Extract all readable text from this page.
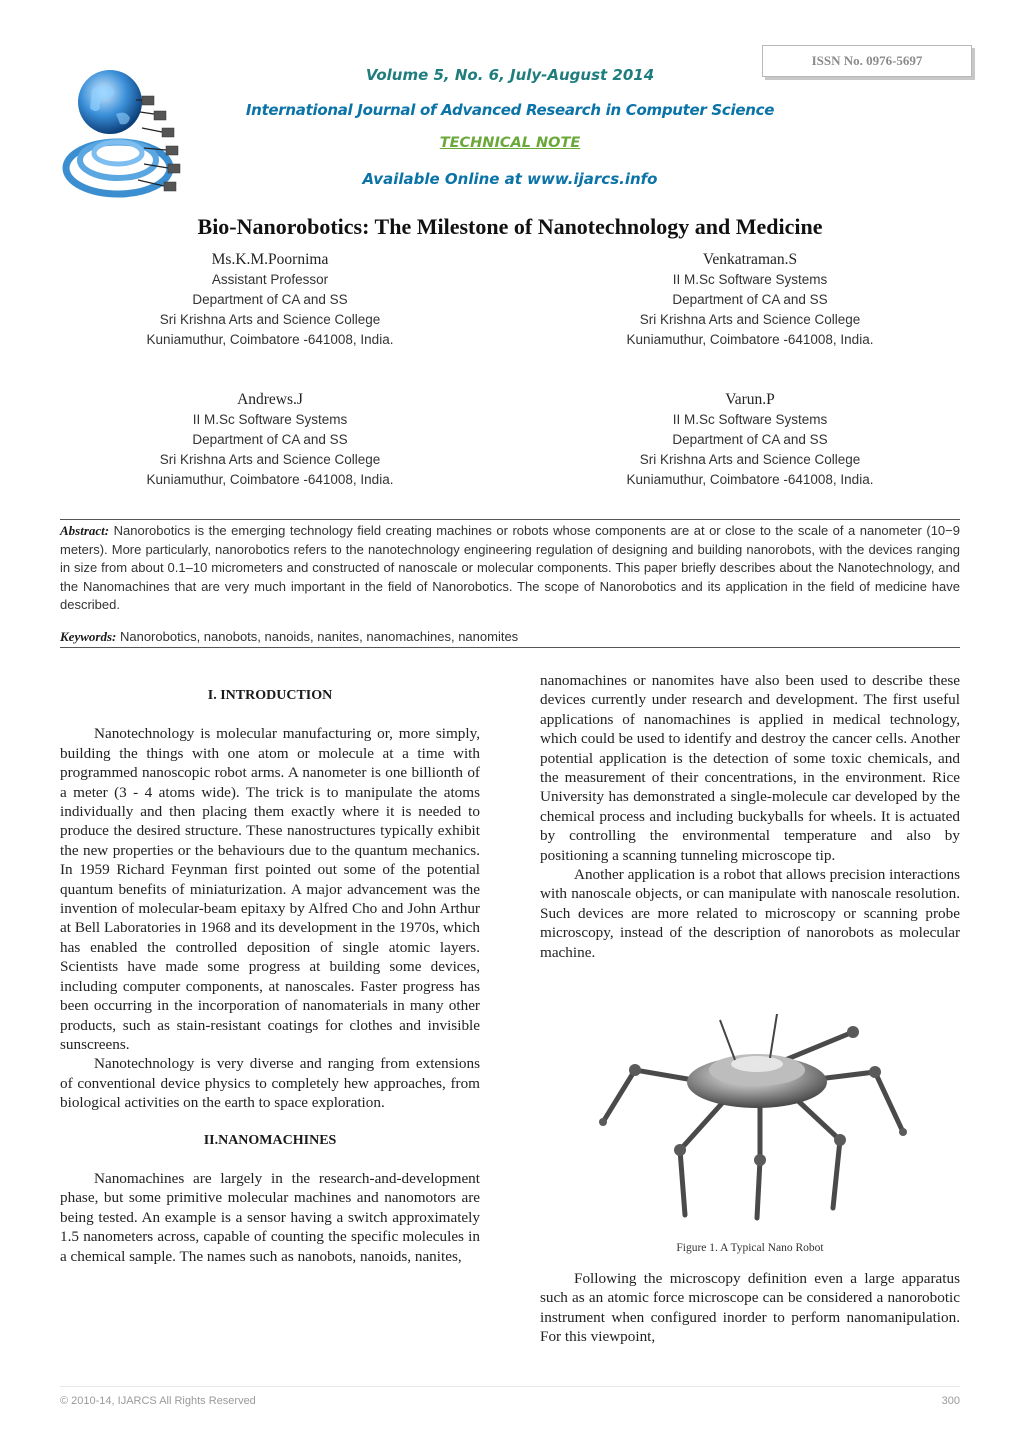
ISSN No. 0976-5697
Volume 5, No. 6, July-August 2014
International Journal of Advanced Research in Computer Science
TECHNICAL NOTE
Available Online at www.ijarcs.info
Bio-Nanorobotics: The Milestone of Nanotechnology and Medicine
Ms.K.M.Poornima
Assistant Professor
Department of CA and SS
Sri Krishna Arts and Science College
Kuniamuthur, Coimbatore -641008, India.
Venkatraman.S
II M.Sc Software Systems
Department of CA and SS
Sri Krishna Arts and Science College
Kuniamuthur, Coimbatore -641008, India.
Andrews.J
II M.Sc Software Systems
Department of CA and SS
Sri Krishna Arts and Science College
Kuniamuthur, Coimbatore -641008, India.
Varun.P
II M.Sc Software Systems
Department of CA and SS
Sri Krishna Arts and Science College
Kuniamuthur, Coimbatore -641008, India.
Abstract: Nanorobotics is the emerging technology field creating machines or robots whose components are at or close to the scale of a nanometer (10−9 meters). More particularly, nanorobotics refers to the nanotechnology engineering regulation of designing and building nanorobots, with the devices ranging in size from about 0.1–10 micrometers and constructed of nanoscale or molecular components. This paper briefly describes about the Nanotechnology, and the Nanomachines that are very much important in the field of Nanorobotics. The scope of Nanorobotics and its application in the field of medicine have described.
Keywords: Nanorobotics, nanobots, nanoids, nanites, nanomachines, nanomites

I. INTRODUCTION

Nanotechnology is molecular manufacturing or, more simply, building the things with one atom or molecule at a time with programmed nanoscopic robot arms. A nanometer is one billionth of a meter (3 - 4 atoms wide). The trick is to manipulate the atoms individually and then placing them exactly where it is needed to produce the desired structure. These nanostructures typically exhibit the new properties or the behaviours due to the quantum mechanics. In 1959 Richard Feynman first pointed out some of the potential quantum benefits of miniaturization. A major advancement was the invention of molecular-beam epitaxy by Alfred Cho and John Arthur at Bell Laboratories in 1968 and its development in the 1970s, which has enabled the controlled deposition of single atomic layers. Scientists have made some progress at building some devices, including computer components, at nanoscales. Faster progress has been occurring in the incorporation of nanomaterials in many other products, such as stain-resistant coatings for clothes and invisible sunscreens.

Nanotechnology is very diverse and ranging from extensions of conventional device physics to completely hew approaches, from biological activities on the earth to space exploration.

II.NANOMACHINES

Nanomachines are largely in the research-and-development phase, but some primitive molecular machines and nanomotors are being tested. An example is a sensor having a switch approximately 1.5 nanometers across, capable of counting the specific molecules in a chemical sample. The names such as nanobots, nanoids, nanites,

nanomachines or nanomites have also been used to describe these devices currently under research and development. The first useful applications of nanomachines is applied in medical technology, which could be used to identify and destroy the cancer cells. Another potential application is the detection of some toxic chemicals, and the measurement of their concentrations, in the environment. Rice University has demonstrated a single-molecule car developed by the chemical process and including buckyballs for wheels. It is actuated by controlling the environmental temperature and also by positioning a scanning tunneling microscope tip.

Another application is a robot that allows precision interactions with nanoscale objects, or can manipulate with nanoscale resolution. Such devices are more related to microscopy or scanning probe microscopy, instead of the description of nanorobots as molecular machine.

Figure 1. A Typical Nano Robot

Following the microscopy definition even a large apparatus such as an atomic force microscope can be considered a nanorobotic instrument when configured inorder to perform nanomanipulation. For this viewpoint,

© 2010-14, IJARCS All Rights Reserved	300
